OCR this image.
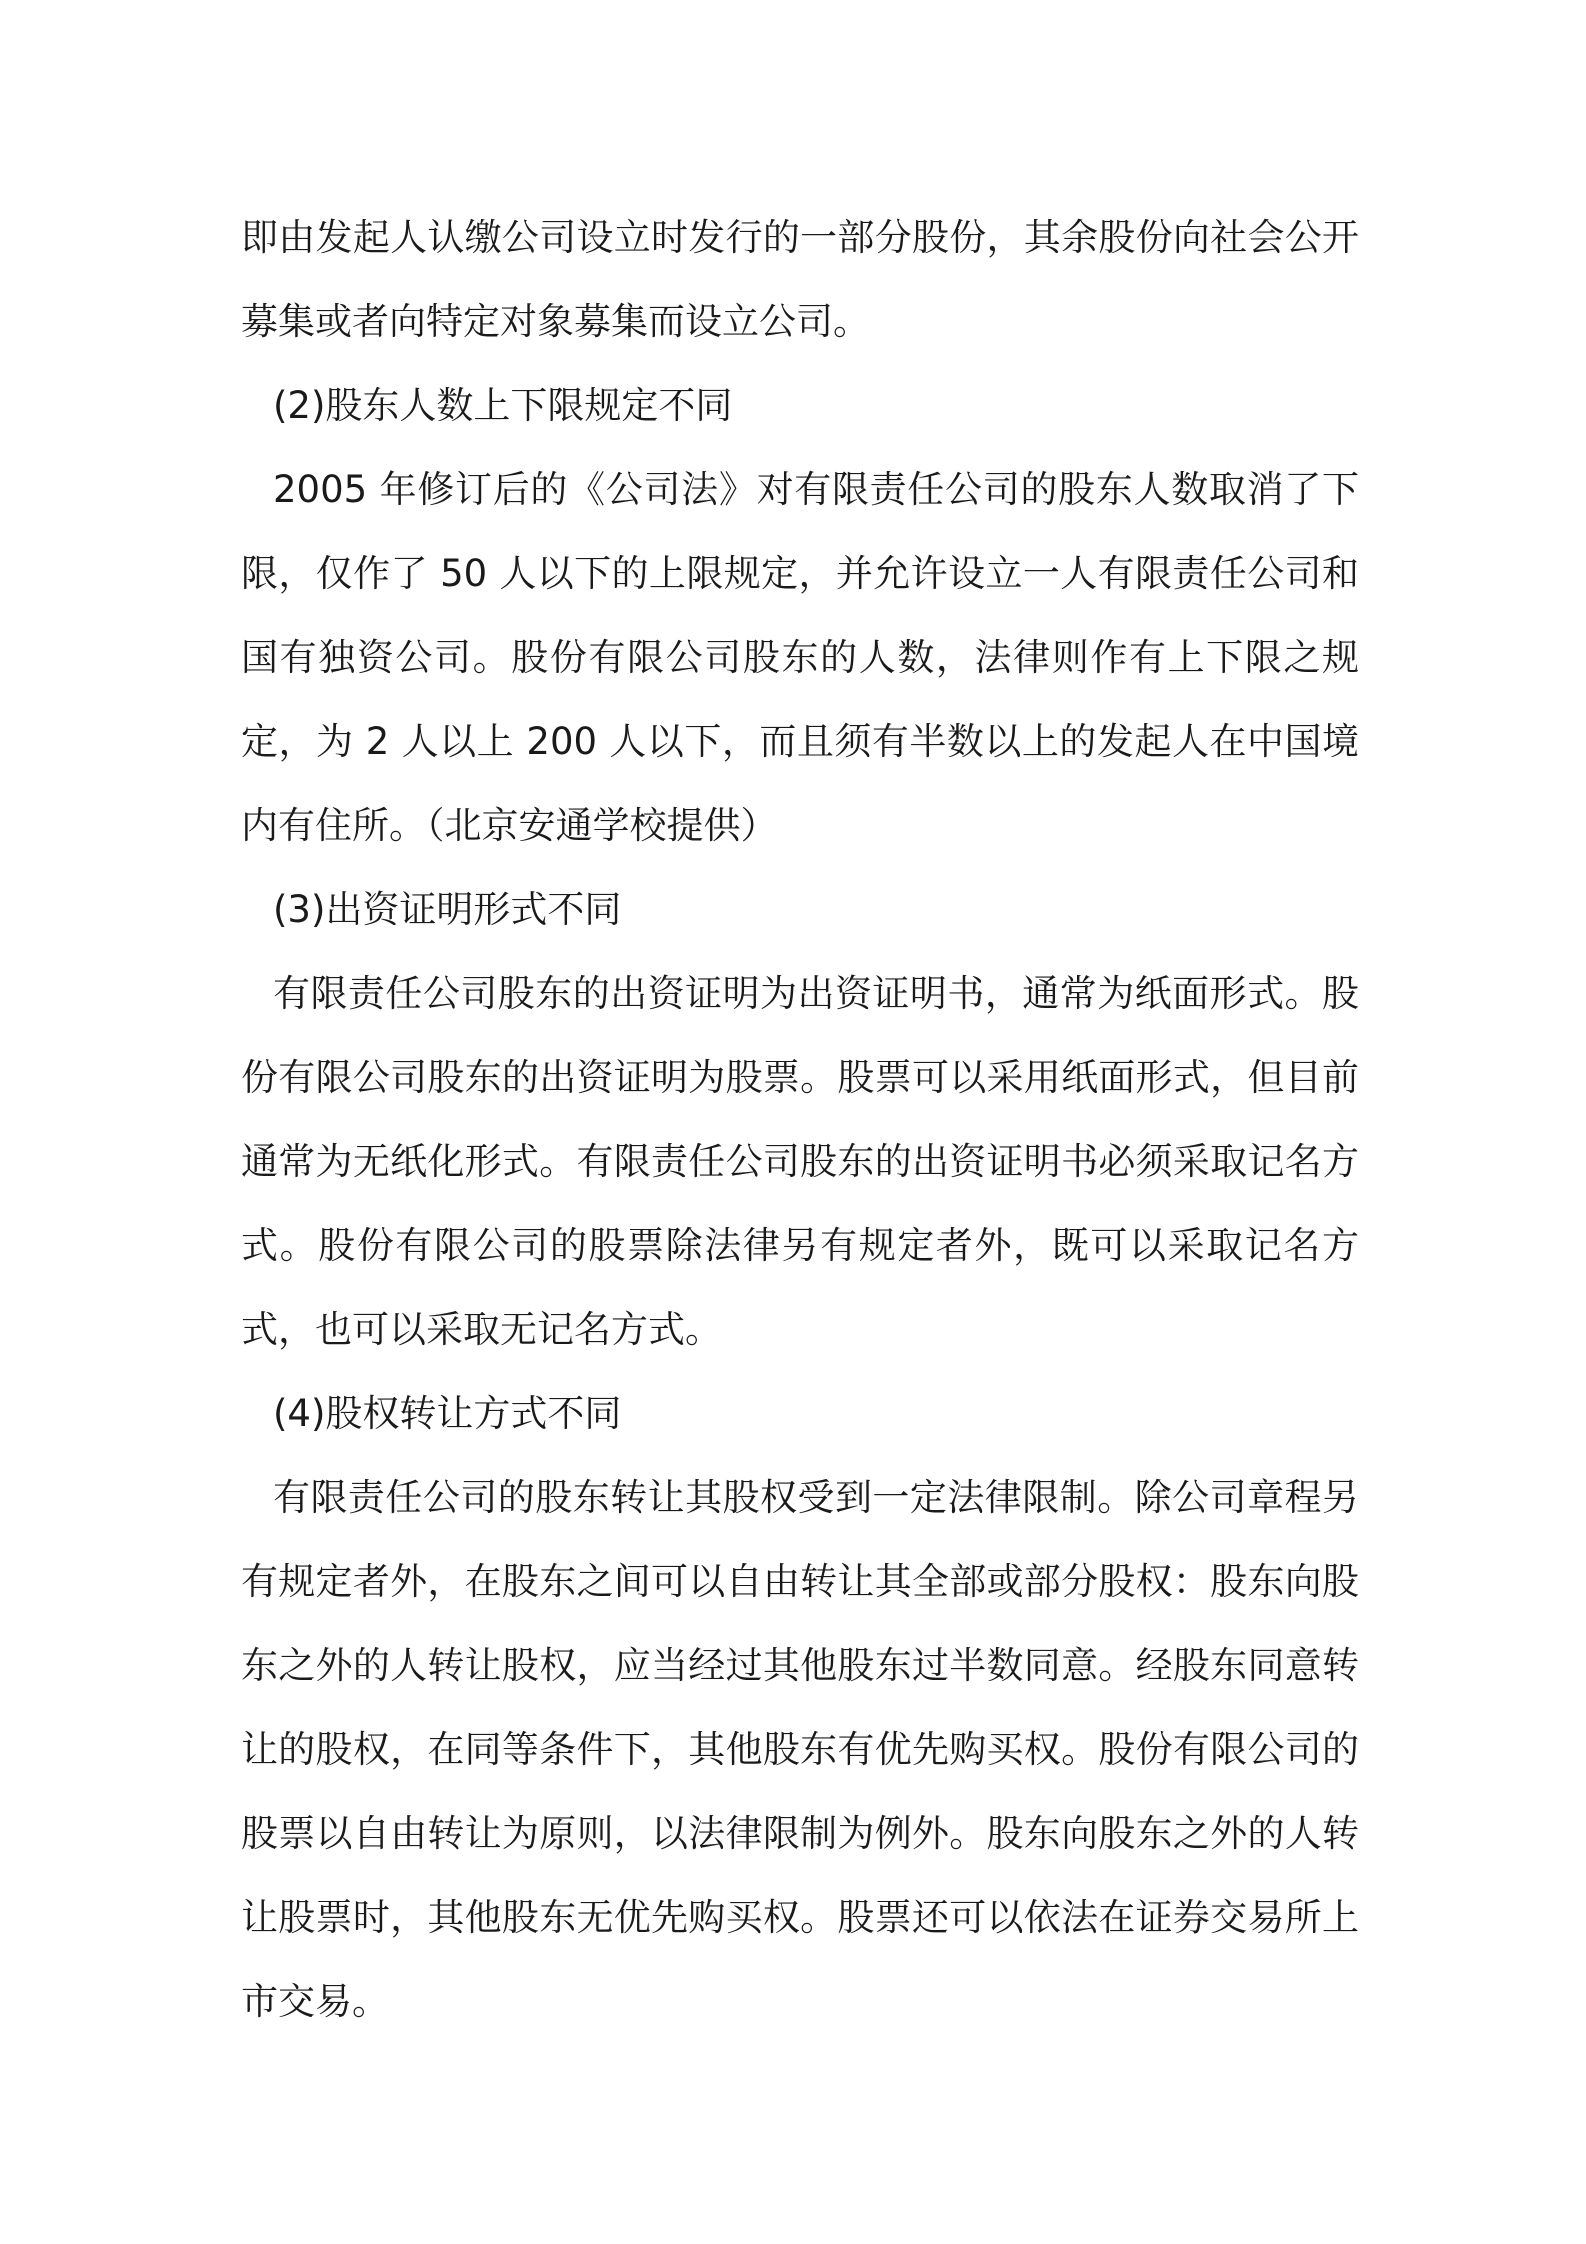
即由发起人认缴公司设立时发行的一部分股份，其余股份向社会公开募集或者向特定对象募集而设立公司。

(2)股东人数上下限规定不同

2005 年修订后的《公司法》对有限责任公司的股东人数取消了下限，仅作了 50 人以下的上限规定，并允许设立一人有限责任公司和国有独资公司。股份有限公司股东的人数，法律则作有上下限之规定，为 2 人以上 200 人以下，而且须有半数以上的发起人在中国境内有住所。（北京安通学校提供）

(3)出资证明形式不同

有限责任公司股东的出资证明为出资证明书，通常为纸面形式。股份有限公司股东的出资证明为股票。股票可以采用纸面形式，但目前通常为无纸化形式。有限责任公司股东的出资证明书必须采取记名方式。股份有限公司的股票除法律另有规定者外，既可以采取记名方式，也可以采取无记名方式。

(4)股权转让方式不同

有限责任公司的股东转让其股权受到一定法律限制。除公司章程另有规定者外，在股东之间可以自由转让其全部或部分股权：股东向股东之外的人转让股权，应当经过其他股东过半数同意。经股东同意转让的股权，在同等条件下，其他股东有优先购买权。股份有限公司的股票以自由转让为原则，以法律限制为例外。股东向股东之外的人转让股票时，其他股东无优先购买权。股票还可以依法在证券交易所上市交易。
